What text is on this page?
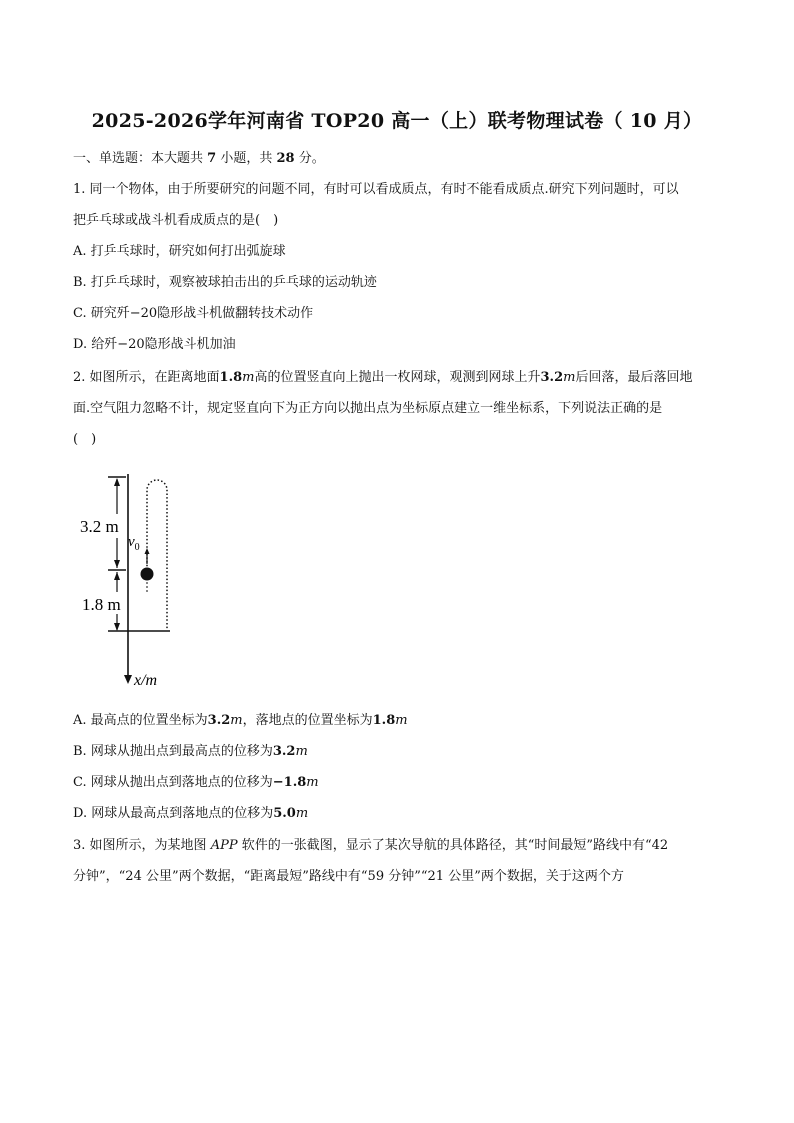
2025-2026学年河南省 TOP20 高一（上）联考物理试卷（ 10 月）
一、单选题：本大题共 7 小题，共 28 分。
1. 同一个物体，由于所要研究的问题不同，有时可以看成质点，有时不能看成质点.研究下列问题时，可以
把乒乓球或战斗机看成质点的是(　)
A. 打乒乓球时，研究如何打出弧旋球
B. 打乒乓球时，观察被球拍击出的乒乓球的运动轨迹
C. 研究歼−20隐形战斗机做翻转技术动作
D. 给歼−20隐形战斗机加油
2. 如图所示，在距离地面1.8m高的位置竖直向上抛出一枚网球，观测到网球上升3.2m后回落，最后落回地
面.空气阻力忽略不计，规定竖直向下为正方向以抛出点为坐标原点建立一维坐标系，下列说法正确的是
(　)
x/m
3.2 m
1.8 m
$v_0$
A. 最高点的位置坐标为3.2m，落地点的位置坐标为1.8m
B. 网球从抛出点到最高点的位移为3.2m
C. 网球从抛出点到落地点的位移为−1.8m
D. 网球从最高点到落地点的位移为5.0m
3. 如图所示，为某地图 APP 软件的一张截图，显示了某次导航的具体路径，其“时间最短”路线中有“42
分钟”，“24 公里”两个数据，“距离最短”路线中有“59 分钟”“21 公里”两个数据，关于这两个方
